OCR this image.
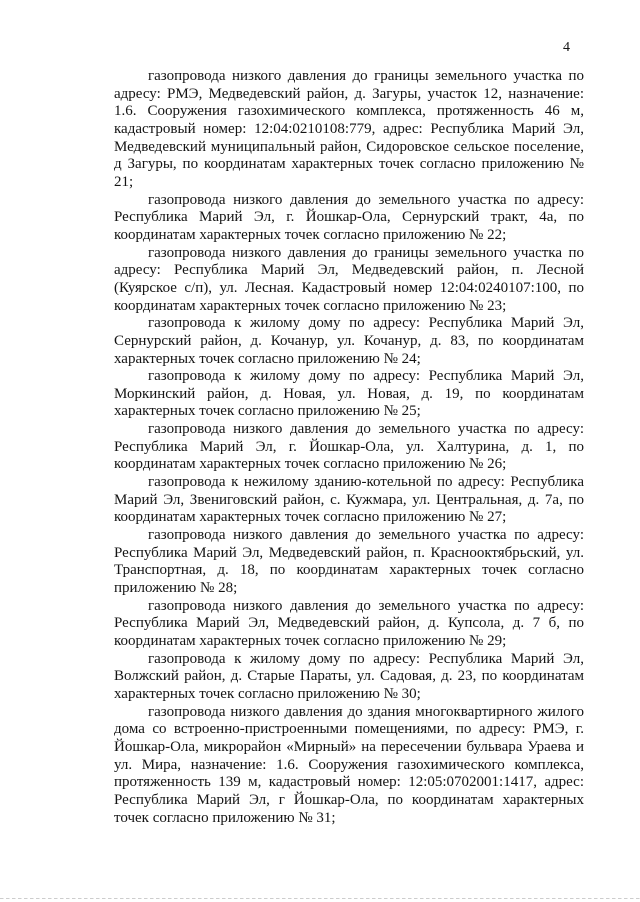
4

газопровода низкого давления до границы земельного участка по адресу: РМЭ, Медведевский район, д. Загуры, участок 12, назначение: 1.6. Сооружения газохимического комплекса, протяженность 46 м, кадастровый номер: 12:04:0210108:779, адрес: Республика Марий Эл, Медведевский муниципальный район, Сидоровское сельское поселение, д Загуры, по координатам характерных точек согласно приложению № 21;

газопровода низкого давления до земельного участка по адресу: Республика Марий Эл, г. Йошкар-Ола, Сернурский тракт, 4а, по координатам характерных точек согласно приложению № 22;

газопровода низкого давления до границы земельного участка по адресу: Республика Марий Эл, Медведевский район, п. Лесной (Куярское с/п), ул. Лесная. Кадастровый номер 12:04:0240107:100, по координатам характерных точек согласно приложению № 23;

газопровода к жилому дому по адресу: Республика Марий Эл, Сернурский район, д. Кочанур, ул. Кочанур, д. 83, по координатам характерных точек согласно приложению № 24;

газопровода к жилому дому по адресу: Республика Марий Эл, Моркинский район, д. Новая, ул. Новая, д. 19, по координатам характерных точек согласно приложению № 25;

газопровода низкого давления до земельного участка по адресу: Республика Марий Эл, г. Йошкар-Ола, ул. Халтурина, д. 1, по координатам характерных точек согласно приложению № 26;

газопровода к нежилому зданию-котельной по адресу: Республика Марий Эл, Звениговский район, с. Кужмара, ул. Центральная, д. 7а, по координатам характерных точек согласно приложению № 27;

газопровода низкого давления до земельного участка по адресу: Республика Марий Эл, Медведевский район, п. Краснооктябрьский, ул. Транспортная, д. 18, по координатам характерных точек согласно приложению № 28;

газопровода низкого давления до земельного участка по адресу: Республика Марий Эл, Медведевский район, д. Купсола, д. 7 б, по координатам характерных точек согласно приложению № 29;

газопровода к жилому дому по адресу: Республика Марий Эл, Волжский район, д. Старые Параты, ул. Садовая, д. 23, по координатам характерных точек согласно приложению № 30;

газопровода низкого давления до здания многоквартирного жилого дома со встроенно-пристроенными помещениями, по адресу: РМЭ, г. Йошкар-Ола, микрорайон «Мирный» на пересечении бульвара Ураева и ул. Мира, назначение: 1.6. Сооружения газохимического комплекса, протяженность 139 м, кадастровый номер: 12:05:0702001:1417, адрес: Республика Марий Эл, г Йошкар-Ола, по координатам характерных точек согласно приложению № 31;
